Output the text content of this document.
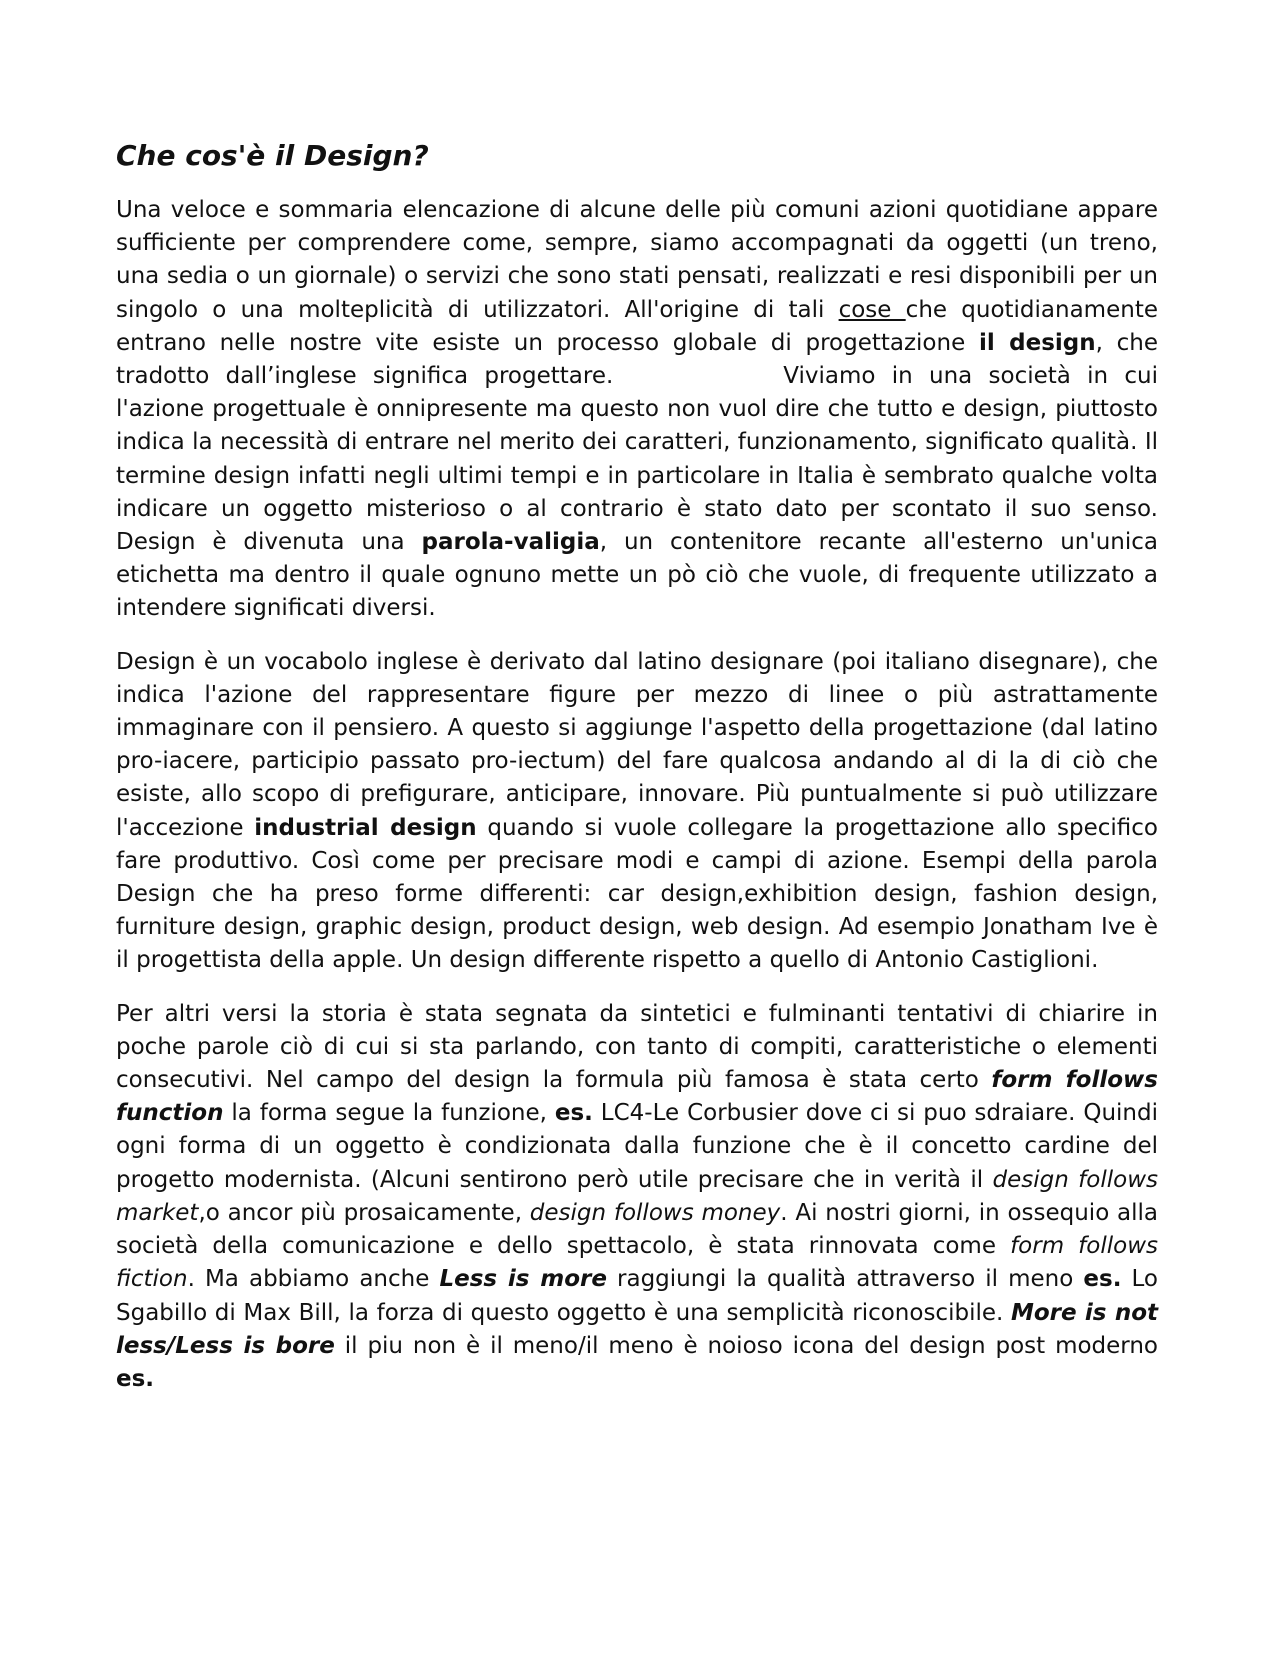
Che cos'è il Design?

Una veloce e sommaria elencazione di alcune delle più comuni azioni quotidiane appare sufficiente per comprendere come, sempre, siamo accompagnati da oggetti (un treno, una sedia o un giornale) o servizi che sono stati pensati, realizzati e resi disponibili per un singolo o una molteplicità di utilizzatori. All'origine di tali cose che quotidianamente entrano nelle nostre vite esiste un processo globale di progettazione il design, che tradotto dall’inglese significa progettare.	Viviamo in una società in cui l'azione progettuale è onnipresente ma questo non vuol dire che tutto e design, piuttosto indica la necessità di entrare nel merito dei caratteri, funzionamento, significato qualità. Il termine design infatti negli ultimi tempi e in particolare in Italia è sembrato qualche volta indicare un oggetto misterioso o al contrario è stato dato per scontato il suo senso. Design è divenuta una parola-valigia, un contenitore recante all'esterno un'unica etichetta ma dentro il quale ognuno mette un pò ciò che vuole, di frequente utilizzato a intendere significati diversi.

Design è un vocabolo inglese è derivato dal latino designare (poi italiano disegnare), che indica l'azione del rappresentare figure per mezzo di linee o più astrattamente immaginare con il pensiero. A questo si aggiunge l'aspetto della progettazione (dal latino pro-iacere, participio passato pro-iectum) del fare qualcosa andando al di la di ciò che esiste, allo scopo di prefigurare, anticipare, innovare. Più puntualmente si può utilizzare l'accezione industrial design quando si vuole collegare la progettazione allo specifico fare produttivo. Così come per precisare modi e campi di azione. Esempi della parola Design che ha preso forme differenti: car design,exhibition design, fashion design, furniture design, graphic design, product design, web design. Ad esempio Jonatham Ive è il progettista della apple. Un design differente rispetto a quello di Antonio Castiglioni.

Per altri versi la storia è stata segnata da sintetici e fulminanti tentativi di chiarire in poche parole ciò di cui si sta parlando, con tanto di compiti, caratteristiche o elementi consecutivi. Nel campo del design la formula più famosa è stata certo form follows function la forma segue la funzione, es. LC4-Le Corbusier dove ci si puo sdraiare. Quindi ogni forma di un oggetto è condizionata dalla funzione che è il concetto cardine del progetto modernista. (Alcuni sentirono però utile precisare che in verità il design follows market,o ancor più prosaicamente, design follows money. Ai nostri giorni, in ossequio alla società della comunicazione e dello spettacolo, è stata rinnovata come form follows fiction. Ma abbiamo anche Less is more raggiungi la qualità attraverso il meno es. Lo Sgabillo di Max Bill, la forza di questo oggetto è una semplicità riconoscibile. More is not less/Less is bore il piu non è il meno/il meno è noioso icona del design post moderno es.
